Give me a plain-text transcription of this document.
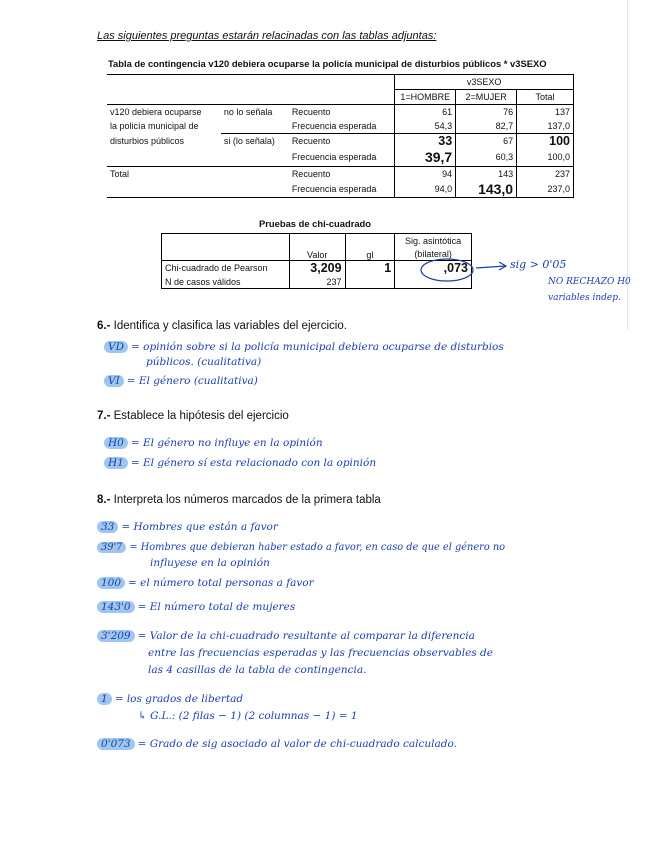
Las siguientes preguntas estarán relacinadas con las tablas adjuntas:
Tabla de contingencia v120 debiera ocuparse la policía municipal de disturbios públicos * v3SEXO
			v3SEXO		
			1=HOMBRE	2=MUJER	Total
v120 debiera ocuparse	no lo señala	Recuento	61	76	137
la policía municipal de		Frecuencia esperada	54,3	82,7	137,0
disturbios públicos	si (lo señala)	Recuento	33	67	100
		Frecuencia esperada	39,7	60,3	100,0
Total		Recuento	94	143	237
		Frecuencia esperada	94,0	143,0	237,0
Pruebas de chi-cuadrado
	Valor	gl	Sig. asintótica
			(bilateral)
Chi-cuadrado de Pearson	3,209	1	,073
N de casos válidos	237		
sig > 0'05
NO RECHAZO H0
variables indep.
6.- Identifica y clasifica las variables del ejercicio.
VD = opinión sobre si la policía municipal debiera ocuparse de disturbios
públicos. (cualitativa)
VI = El género (cualitativa)
7.- Establece la hipótesis del ejercicio
H0 = El género no influye en la opinión
H1 = El género sí esta relacionado con la opinión
8.- Interpreta los números marcados de la primera tabla
33 = Hombres que están a favor
39'7 = Hombres que debieran haber estado a favor, en caso de que el género no
influyese en la opinión
100 = el número total personas a favor
143'0 = El número total de mujeres
3'209 = Valor de la chi-cuadrado resultante al comparar la diferencia
entre las frecuencias esperadas y las frecuencias observables de
las 4 casillas de la tabla de contingencia.
1 = los grados de libertad
↳ G.L.: (2 filas − 1) (2 columnas − 1) = 1
0'073 = Grado de sig asociado al valor de chi-cuadrado calculado.
